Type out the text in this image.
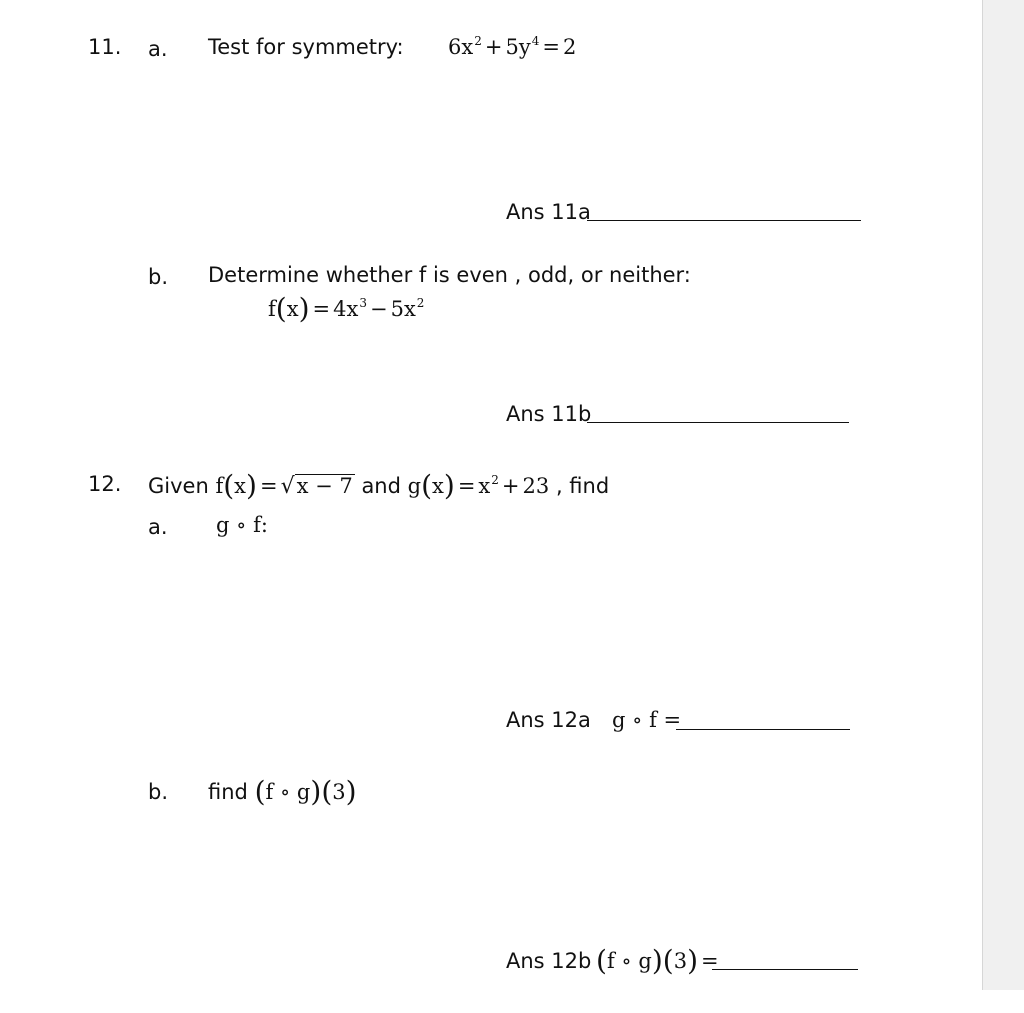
11. a. Test for symmetry: $6x^2 + 5y^4 = 2$
Ans 11a
b. Determine whether f is even , odd, or neither:
$f(x) = 4x^3 - 5x^2$
Ans 11b
12. Given f(x) = √x − 7 and $g(x) = x^2 + 23$ , find
a. g ∘ f:
Ans 12a g ∘ f =
b. find (f ∘ g)(3)
Ans 12b (f ∘ g)(3) =
